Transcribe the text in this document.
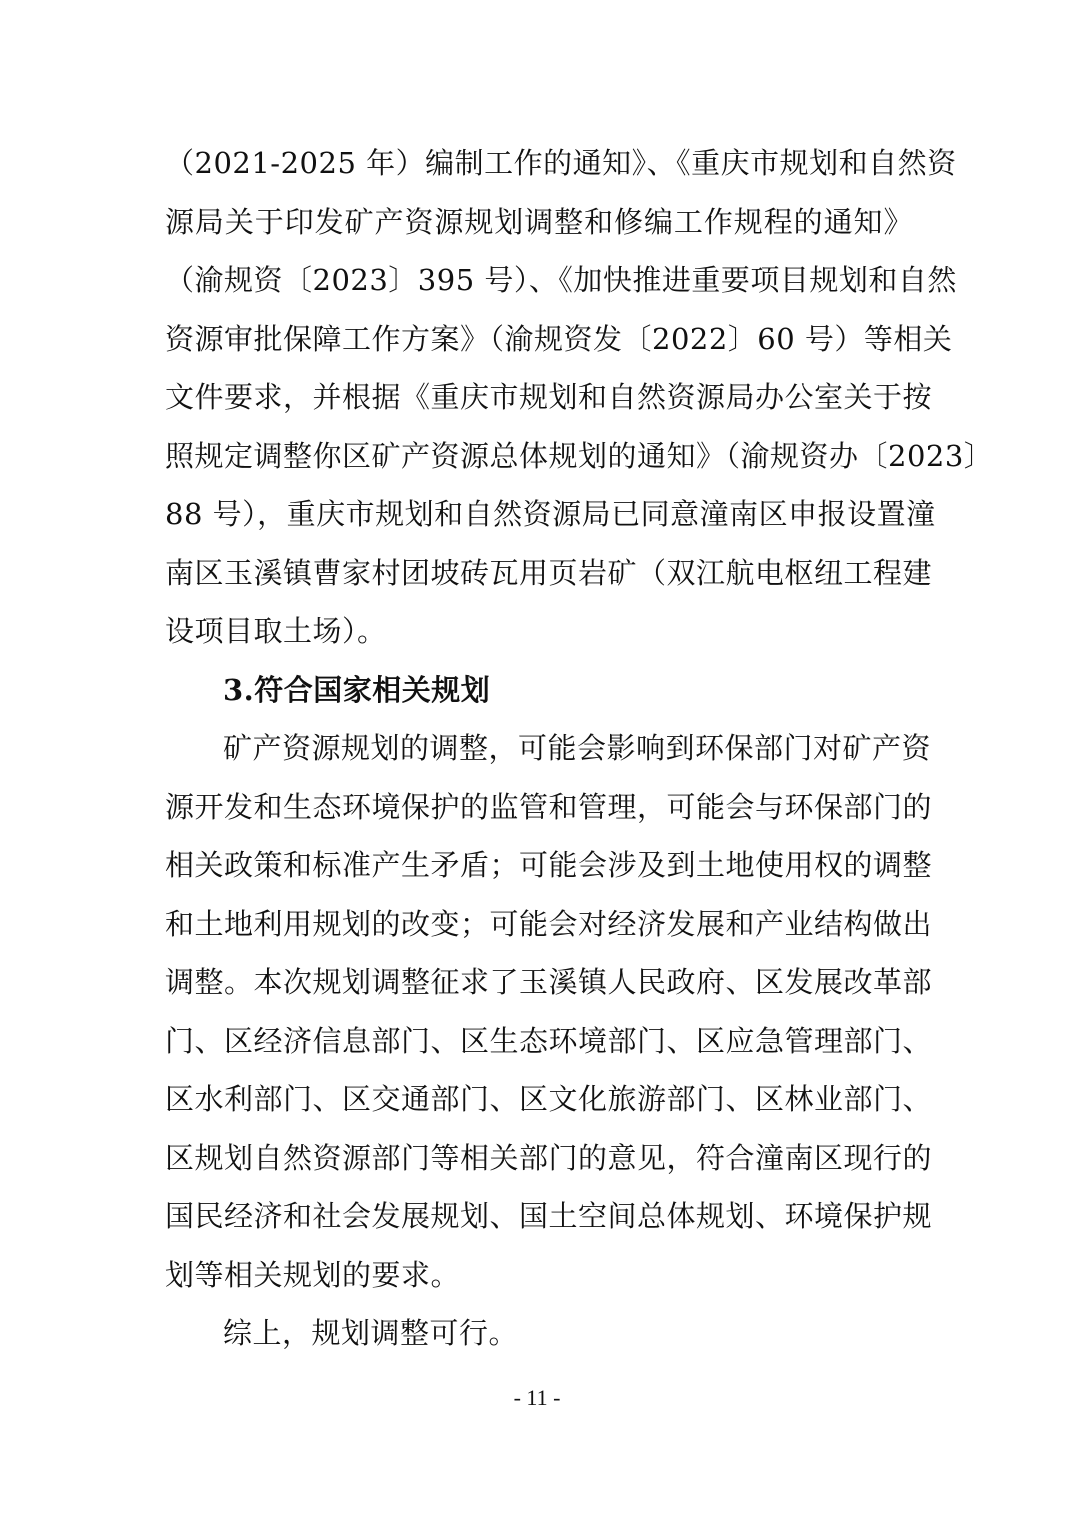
（2021-2025 年）编制工作的通知》、《重庆市规划和自然资
源局关于印发矿产资源规划调整和修编工作规程的通知》
（渝规资〔2023〕395 号）、《加快推进重要项目规划和自然
资源审批保障工作方案》（渝规资发〔2022〕60 号）等相关
文件要求，并根据《重庆市规划和自然资源局办公室关于按
照规定调整你区矿产资源总体规划的通知》（渝规资办〔2023〕
88 号），重庆市规划和自然资源局已同意潼南区申报设置潼
南区玉溪镇曹家村团坡砖瓦用页岩矿（双江航电枢纽工程建
设项目取土场）。
3.符合国家相关规划
矿产资源规划的调整，可能会影响到环保部门对矿产资
源开发和生态环境保护的监管和管理，可能会与环保部门的
相关政策和标准产生矛盾；可能会涉及到土地使用权的调整
和土地利用规划的改变；可能会对经济发展和产业结构做出
调整。本次规划调整征求了玉溪镇人民政府、区发展改革部
门、区经济信息部门、区生态环境部门、区应急管理部门、
区水利部门、区交通部门、区文化旅游部门、区林业部门、
区规划自然资源部门等相关部门的意见，符合潼南区现行的
国民经济和社会发展规划、国土空间总体规划、环境保护规
划等相关规划的要求。
综上，规划调整可行。
- 11 -
